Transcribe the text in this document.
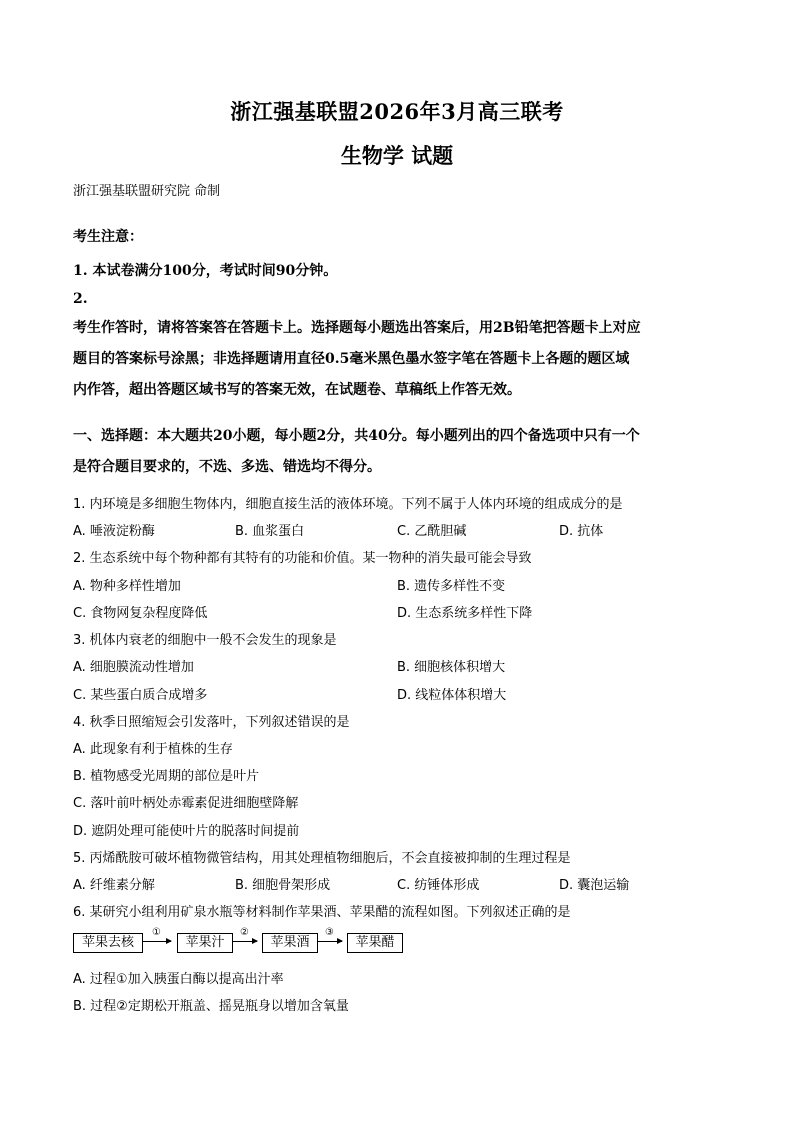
浙江强基联盟2026年3月高三联考
生物学 试题
浙江强基联盟研究院 命制
考生注意：
1. 本试卷满分100分，考试时间90分钟。
2.
考生作答时，请将答案答在答题卡上。选择题每小题选出答案后，用2B铅笔把答题卡上对应
题目的答案标号涂黑；非选择题请用直径0.5毫米黑色墨水签字笔在答题卡上各题的题区域
内作答，超出答题区域书写的答案无效，在试题卷、草稿纸上作答无效。
一、选择题：本大题共20小题，每小题2分，共40分。每小题列出的四个备选项中只有一个
是符合题目要求的，不选、多选、错选均不得分。
1. 内环境是多细胞生物体内，细胞直接生活的液体环境。下列不属于人体内环境的组成成分的是
A. 唾液淀粉酶	B. 血浆蛋白	C. 乙酰胆碱	D. 抗体
2. 生态系统中每个物种都有其特有的功能和价值。某一物种的消失最可能会导致
A. 物种多样性增加	B. 遗传多样性不变
C. 食物网复杂程度降低	D. 生态系统多样性下降
3. 机体内衰老的细胞中一般不会发生的现象是
A. 细胞膜流动性增加	B. 细胞核体积增大
C. 某些蛋白质合成增多	D. 线粒体体积增大
4. 秋季日照缩短会引发落叶，下列叙述错误的是
A. 此现象有利于植株的生存
B. 植物感受光周期的部位是叶片
C. 落叶前叶柄处赤霉素促进细胞壁降解
D. 遮阴处理可能使叶片的脱落时间提前
5. 丙烯酰胺可破坏植物微管结构，用其处理植物细胞后，不会直接被抑制的生理过程是
A. 纤维素分解	B. 细胞骨架形成	C. 纺锤体形成	D. 囊泡运输
6. 某研究小组利用矿泉水瓶等材料制作苹果酒、苹果醋的流程如图。下列叙述正确的是
苹果去核
①
苹果汁
②
苹果酒
③
苹果醋
A. 过程①加入胰蛋白酶以提高出汁率
B. 过程②定期松开瓶盖、摇晃瓶身以增加含氧量
